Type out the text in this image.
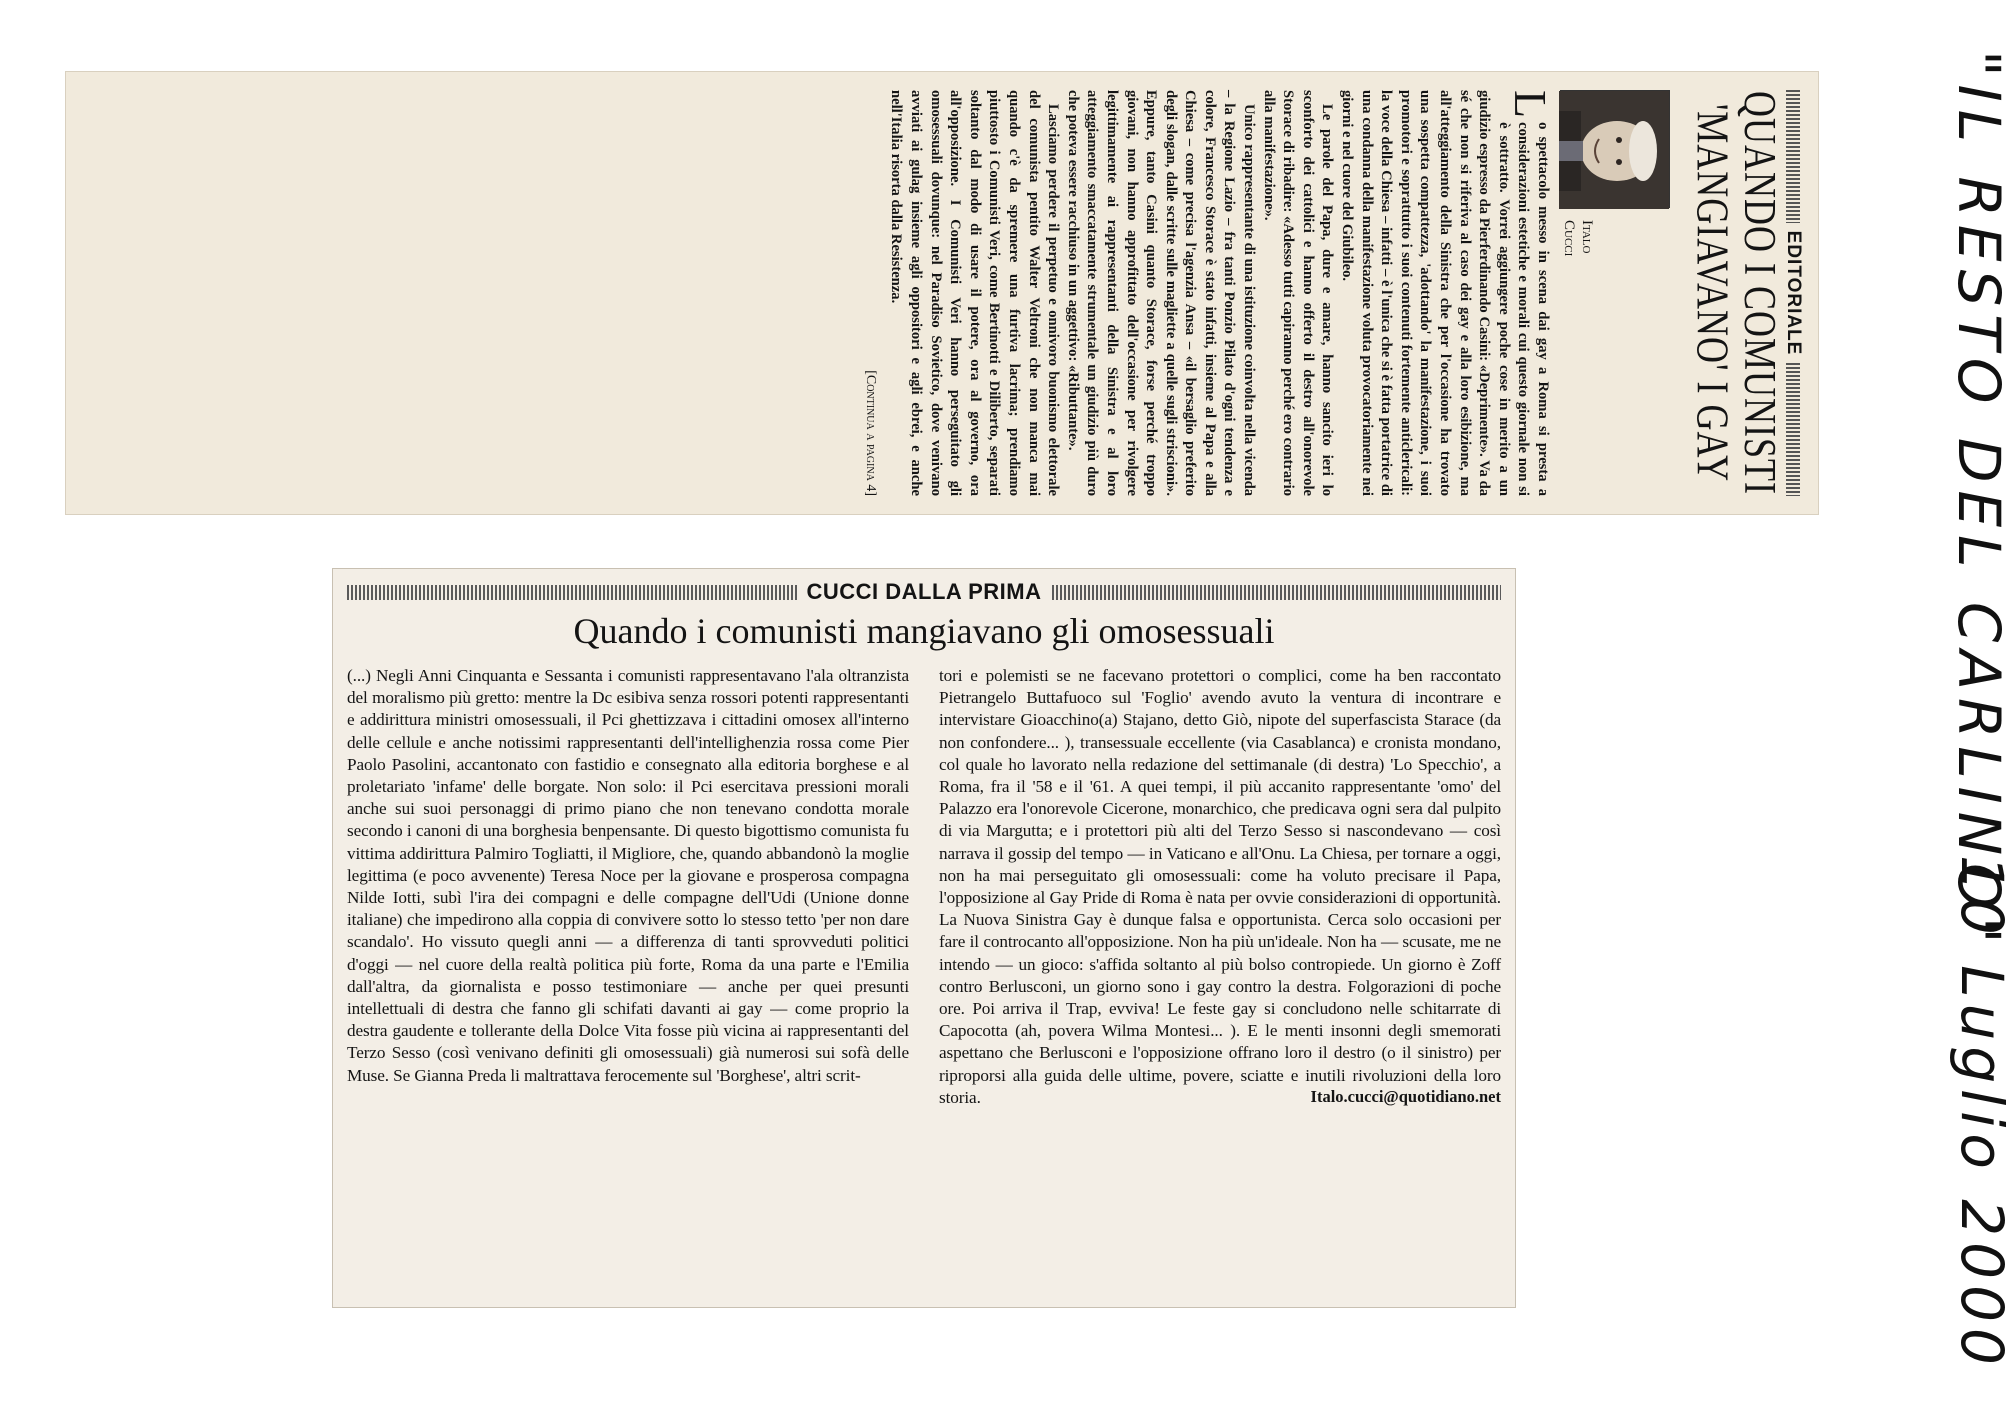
EDITORIALE
QUANDO I COMUNISTI
'MANGIAVANO' I GAY
Italo
Cucci

L
o spettacolo messo in scena dai gay a Roma si presta a considerazioni estetiche e morali cui questo giornale non si è sottratto. Vorrei aggiungere poche cose in merito a un giudizio espresso da Pierferdinando Casini: «Deprimente». Va da sé che non si riferiva al caso dei gay e alla loro esibizione, ma all'atteggiamento della Sinistra che per l'occasione ha trovato una sospetta compattezza, 'adottando' la manifestazione, i suoi promotori e soprattutto i suoi contenuti fortemente anticlericali: la voce della Chiesa – infatti – è l'unica che si è fatta portatrice di una condanna della manifestazione voluta provocatoriamente nei giorni e nel cuore del Giubileo.

Le parole del Papa, dure e amare, hanno sancito ieri lo sconforto dei cattolici e hanno offerto il destro all'onorevole Storace di ribadire: «Adesso tutti capiranno perché ero contrario alla manifestazione».

Unico rappresentante di una istituzione coinvolta nella vicenda – la Regione Lazio – fra tanti Ponzio Pilato d'ogni tendenza e colore, Francesco Storace è stato infatti, insieme al Papa e alla Chiesa – come precisa l'agenzia Ansa – «il bersaglio preferito degli slogan, dalle scritte sulle magliette a quelle sugli striscioni». Eppure, tanto Casini quanto Storace, forse perché troppo giovani, non hanno approfittato dell'occasione per rivolgere legittimamente ai rappresentanti della Sinistra e al loro atteggiamento smaccatamente strumentale un giudizio più duro che poteva essere racchiuso in un aggettivo: «Ributtante».

Lasciamo perdere il perpetuo e onnivoro buonismo elettorale del comunista pentito Walter Veltroni che non manca mai quando c'è da spremere una furtiva lacrima; prendiamo piuttosto i Comunisti Veri, come Bertinotti e Diliberto, separati soltanto dal modo di usare il potere, ora al governo, ora all'opposizione. I Comunisti Veri hanno perseguitato gli omosessuali dovunque: nel Paradiso Sovietico, dove venivano avviati ai gulag insieme agli oppositori e agli ebrei, e anche nell'Italia risorta dalla Resistenza.

[Continua a pagina 4]
CUCCI DALLA PRIMA
Quando i comunisti mangiavano gli omosessuali
(...) Negli Anni Cinquanta e Sessanta i comunisti rappresentavano l'ala oltranzista del moralismo più gretto: mentre la Dc esibiva senza rossori potenti rappresentanti e addirittura ministri omosessuali, il Pci ghettizzava i cittadini omosex all'interno delle cellule e anche notissimi rappresentanti dell'intellighenzia rossa come Pier Paolo Pasolini, accantonato con fastidio e consegnato alla editoria borghese e al proletariato 'infame' delle borgate. Non solo: il Pci esercitava pressioni morali anche sui suoi personaggi di primo piano che non tenevano condotta morale secondo i canoni di una borghesia benpensante. Di questo bigottismo comunista fu vittima addirittura Palmiro Togliatti, il Migliore, che, quando abbandonò la moglie legittima (e poco avvenente) Teresa Noce per la giovane e prosperosa compagna Nilde Iotti, subì l'ira dei compagni e delle compagne dell'Udi (Unione donne italiane) che impedirono alla coppia di convivere sotto lo stesso tetto 'per non dare scandalo'. Ho vissuto quegli anni — a differenza di tanti sprovveduti politici d'oggi — nel cuore della realtà politica più forte, Roma da una parte e l'Emilia dall'altra, da giornalista e posso testimoniare — anche per quei presunti intellettuali di destra che fanno gli schifati davanti ai gay — come proprio la destra gaudente e tollerante della Dolce Vita fosse più vicina ai rappresentanti del Terzo Sesso (così venivano definiti gli omosessuali) già numerosi sui sofà delle Muse. Se Gianna Preda li maltrattava ferocemente sul 'Borghese', altri scrit-
tori e polemisti se ne facevano protettori o complici, come ha ben raccontato Pietrangelo Buttafuoco sul 'Foglio' avendo avuto la ventura di incontrare e intervistare Gioacchino(a) Stajano, detto Giò, nipote del superfascista Starace (da non confondere... ), transessuale eccellente (via Casablanca) e cronista mondano, col quale ho lavorato nella redazione del settimanale (di destra) 'Lo Specchio', a Roma, fra il '58 e il '61. A quei tempi, il più accanito rappresentante 'omo' del Palazzo era l'onorevole Cicerone, monarchico, che predicava ogni sera dal pulpito di via Margutta; e i protettori più alti del Terzo Sesso si nascondevano — così narrava il gossip del tempo — in Vaticano e all'Onu. La Chiesa, per tornare a oggi, non ha mai perseguitato gli omosessuali: come ha voluto precisare il Papa, l'opposizione al Gay Pride di Roma è nata per ovvie considerazioni di opportunità. La Nuova Sinistra Gay è dunque falsa e opportunista. Cerca solo occasioni per fare il controcanto all'opposizione. Non ha più un'ideale. Non ha — scusate, me ne intendo — un gioco: s'affida soltanto al più bolso contropiede. Un giorno è Zoff contro Berlusconi, un giorno sono i gay contro la destra. Folgorazioni di poche ore. Poi arriva il Trap, evviva! Le feste gay si concludono nelle schitarrate di Capocotta (ah, povera Wilma Montesi... ). E le menti insonni degli smemorati aspettano che Berlusconi e l'opposizione offrano loro il destro (o il sinistro) per riproporsi alla guida delle ultime, povere, sciatte e inutili rivoluzioni della loro storia.	Italo.cucci@quotidiano.net
"IL RESTO DEL CARLINO"
10 Luglio 2000
